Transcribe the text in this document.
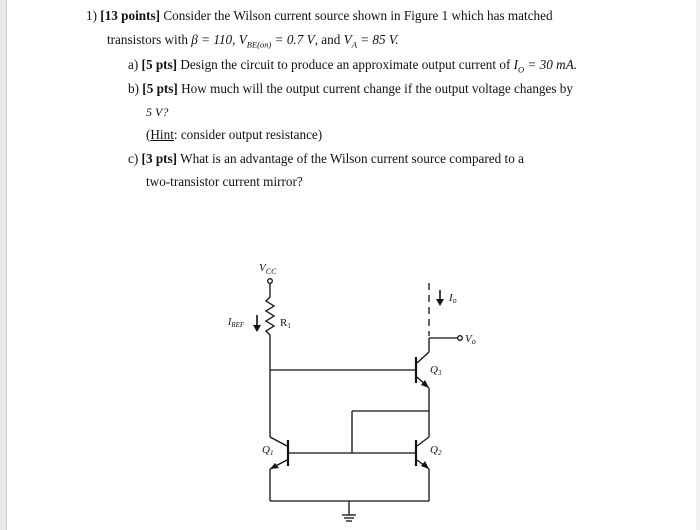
1) [13 points] Consider the Wilson current source shown in Figure 1 which has matched
transistors with β = 110, $V_{BE(on)} = 0.7$ V, and $V_A = 85$ V.
a) [5 pts] Design the circuit to produce an approximate output current of $I_O = 30$ mA.
b) [5 pts] How much will the output current change if the output voltage changes by
5 V?
(Hint: consider output resistance)
c) [3 pts] What is an advantage of the Wilson current source compared to a
two-transistor current mirror?
$V_{CC}$
$I_{REF}$	R1
Io
Vo
Q3
Q1	Q2
